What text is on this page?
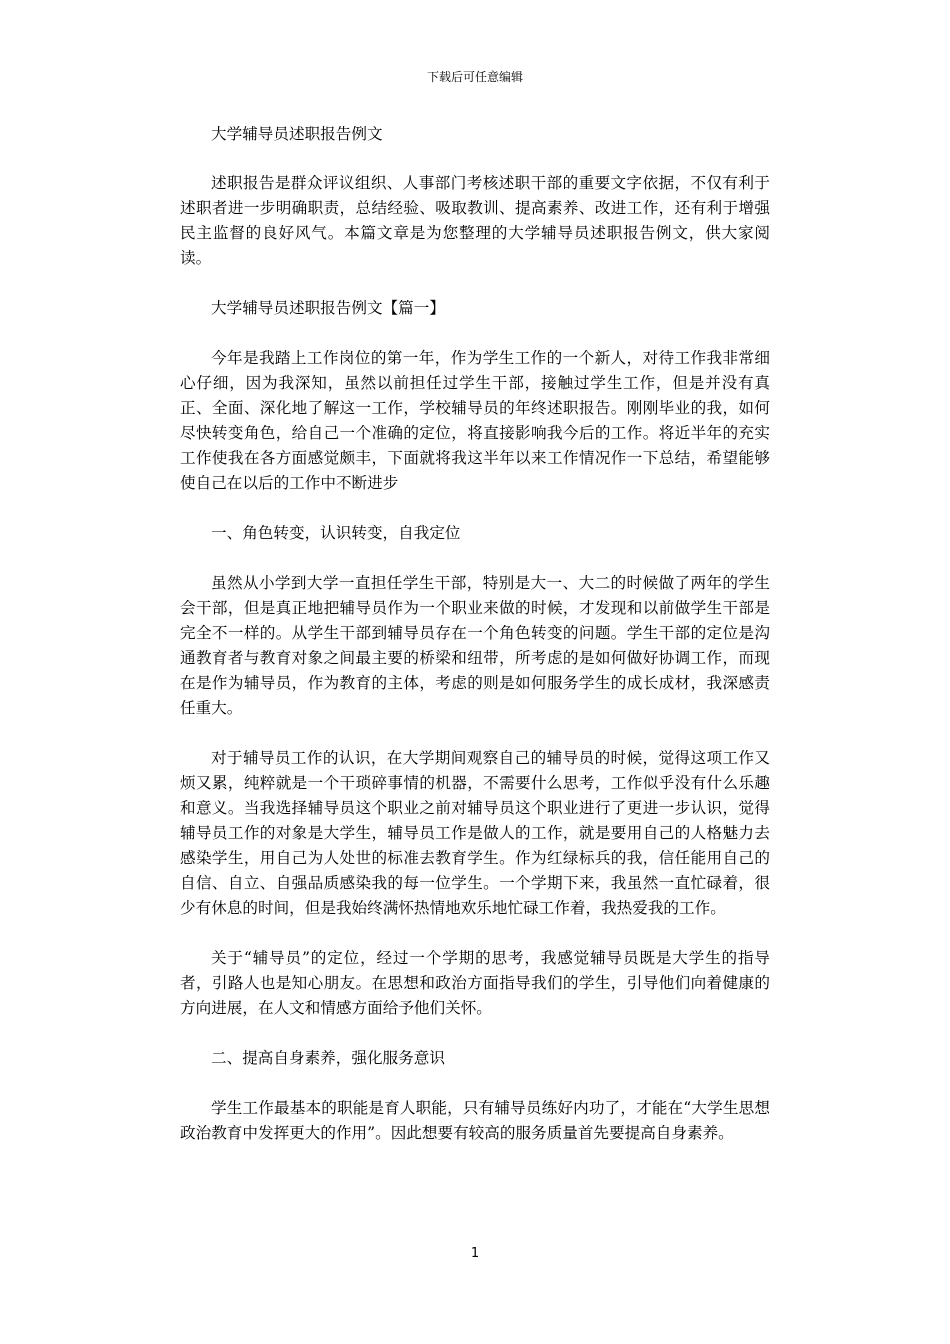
下载后可任意编辑

大学辅导员述职报告例文

述职报告是群众评议组织、人事部门考核述职干部的重要文字依据，不仅有利于述职者进一步明确职责，总结经验、吸取教训、提高素养、改进工作，还有利于增强民主监督的良好风气。本篇文章是为您整理的大学辅导员述职报告例文，供大家阅读。

大学辅导员述职报告例文【篇一】

今年是我踏上工作岗位的第一年，作为学生工作的一个新人，对待工作我非常细心仔细，因为我深知，虽然以前担任过学生干部，接触过学生工作，但是并没有真正、全面、深化地了解这一工作，学校辅导员的年终述职报告。刚刚毕业的我，如何尽快转变角色，给自己一个准确的定位，将直接影响我今后的工作。将近半年的充实工作使我在各方面感觉颇丰，下面就将我这半年以来工作情况作一下总结，希望能够使自己在以后的工作中不断进步

一、角色转变，认识转变，自我定位

虽然从小学到大学一直担任学生干部，特别是大一、大二的时候做了两年的学生会干部，但是真正地把辅导员作为一个职业来做的时候，才发现和以前做学生干部是完全不一样的。从学生干部到辅导员存在一个角色转变的问题。学生干部的定位是沟通教育者与教育对象之间最主要的桥梁和纽带，所考虑的是如何做好协调工作，而现在是作为辅导员，作为教育的主体，考虑的则是如何服务学生的成长成材，我深感责任重大。

对于辅导员工作的认识，在大学期间观察自己的辅导员的时候，觉得这项工作又烦又累，纯粹就是一个干琐碎事情的机器，不需要什么思考，工作似乎没有什么乐趣和意义。当我选择辅导员这个职业之前对辅导员这个职业进行了更进一步认识，觉得辅导员工作的对象是大学生，辅导员工作是做人的工作，就是要用自己的人格魅力去感染学生，用自己为人处世的标准去教育学生。作为红绿标兵的我，信任能用自己的自信、自立、自强品质感染我的每一位学生。一个学期下来，我虽然一直忙碌着，很少有休息的时间，但是我始终满怀热情地欢乐地忙碌工作着，我热爱我的工作。

关于“辅导员”的定位，经过一个学期的思考，我感觉辅导员既是大学生的指导者，引路人也是知心朋友。在思想和政治方面指导我们的学生，引导他们向着健康的方向进展，在人文和情感方面给予他们关怀。

二、提高自身素养，强化服务意识

学生工作最基本的职能是育人职能，只有辅导员练好内功了，才能在“大学生思想政治教育中发挥更大的作用”。因此想要有较高的服务质量首先要提高自身素养。

1
